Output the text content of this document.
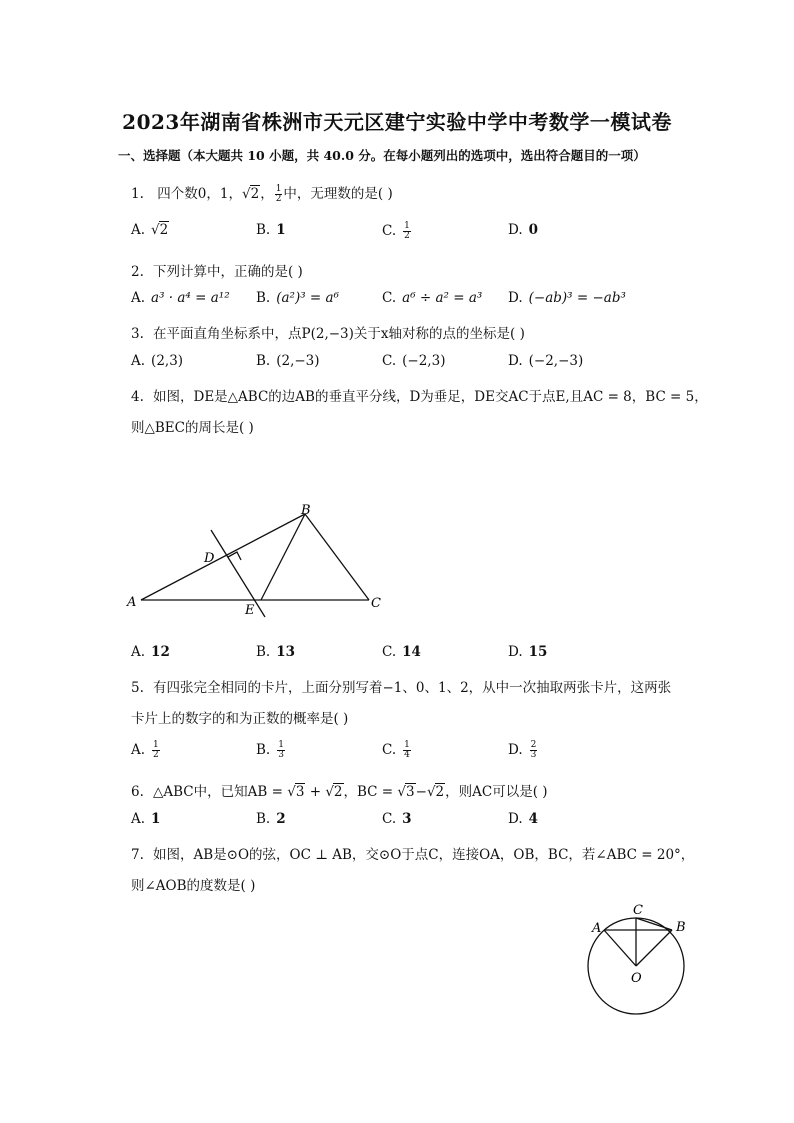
2023年湖南省株洲市天元区建宁实验中学中考数学一模试卷
一、选择题（本大题共 10 小题，共 40.0 分。在每小题列出的选项中，选出符合题目的一项）
1. 四个数0，1，√2， $\frac{1}{2}$ 中，无理数的是( )
A. √2	B. 1	C. $\frac{1}{2}$	D. 0
2. 下列计算中，正确的是( )
A. a³ · a⁴ = a¹² B. (a²)³ = a⁶	C. a⁶ ÷ a² = a³ D. (−ab)³ = −ab³
3. 在平面直角坐标系中，点P(2,−3)关于x轴对称的点的坐标是( )
A. (2,3)	B. (2,−3)	C. (−2,3)	D. (−2,−3)
4. 如图，DE是△ABC的边AB的垂直平分线，D为垂足，DE交AC于点E,且AC = 8，BC = 5，
则△BEC的周长是( )
A
B
C
D
E
A. 12	B. 13	C. 14	D. 15
5. 有四张完全相同的卡片，上面分别写着−1、0、1、2，从中一次抽取两张卡片，这两张
卡片上的数字的和为正数的概率是( )
A. $\frac{1}{2}$	B. $\frac{1}{3}$	C. $\frac{1}{4}$	D. $\frac{2}{3}$
6. △ABC中，已知AB = √3 + √2，BC = √3−√2，则AC可以是( )
A. 1	B. 2	C. 3	D. 4
7. 如图，AB是⊙O的弦，OC ⊥ AB，交⊙O于点C，连接OA，OB，BC，若∠ABC = 20°，
则∠AOB的度数是( )
A	B
C
O
